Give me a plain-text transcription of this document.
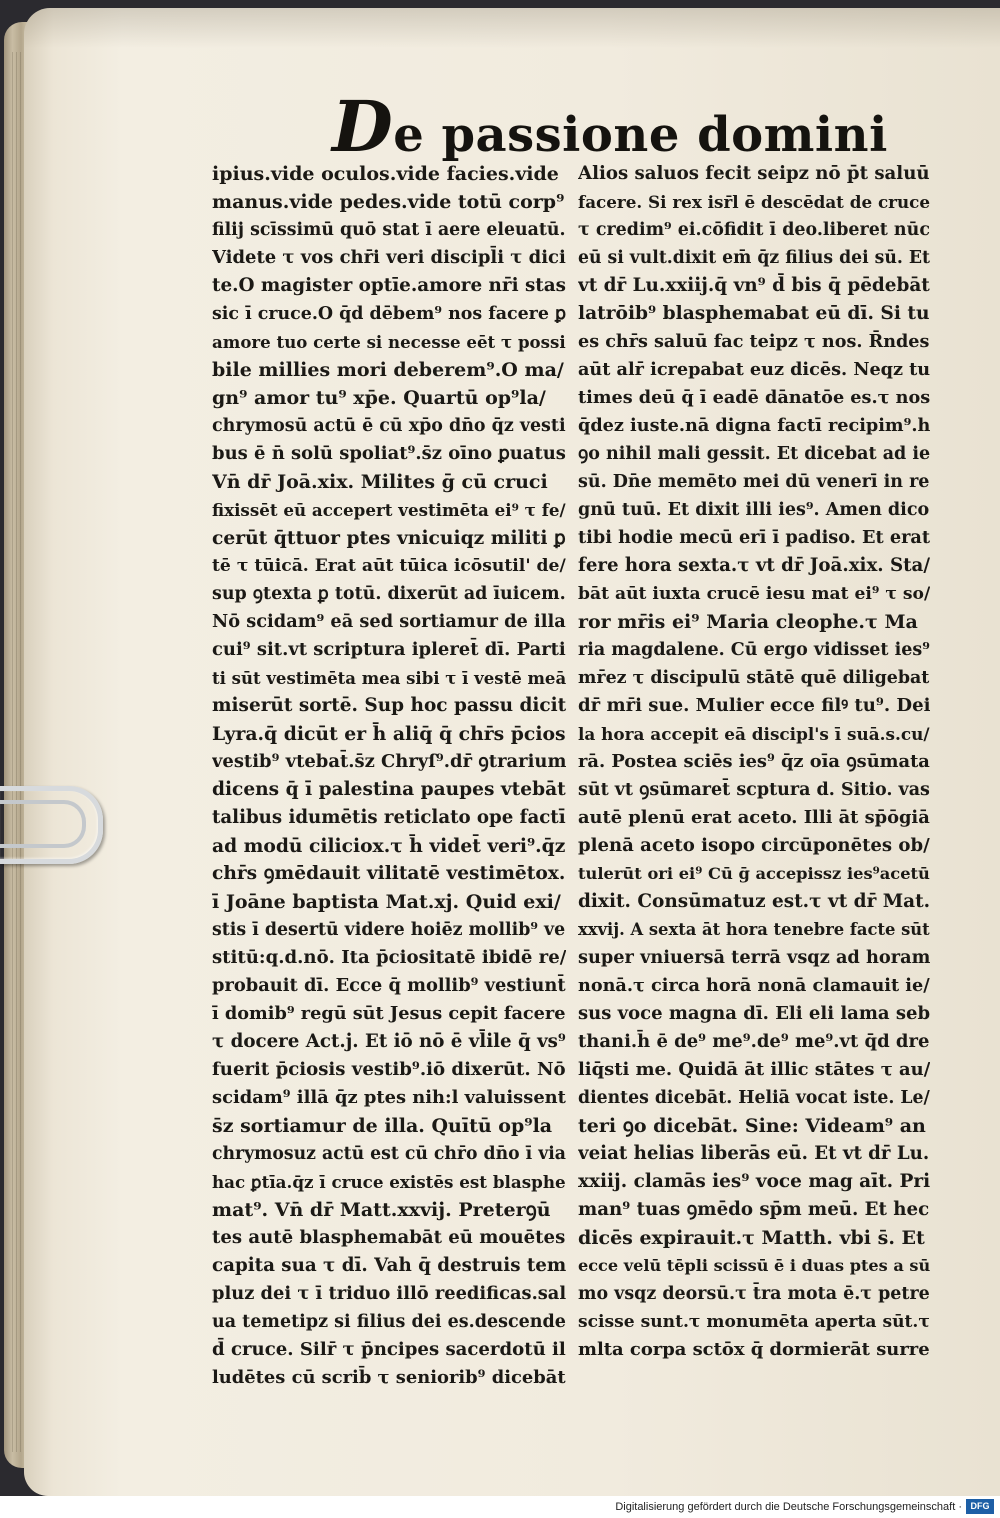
De passione domini
ipius.vide oculos.vide facies.vide
manus.vide pedes.vide totū corp⁹
filij scīssimū quō stat ī aere eleuatū.
Videte τ vos chr̄i veri discipl̄i τ dici
te.O magister optīe.amore nr̄i stas
sic ī cruce.O q̄d dēbem⁹ nos facere ꝑ
amore tuo certe si necesse eēt τ possi
bile millies mori deberem⁹.O ma/
gn⁹ amor tu⁹ xp̄e. Quartū op⁹la/
chrymosū actū ē cū xp̄o dn̄o q̄z vesti
bus ē n̄ solū spoliat⁹.s̄z oīno ꝑuatus
Vn̄ dr̄ Joā.xix. Milites ḡ cū cruci
fixissēt eū accepert vestimēta ei⁹ τ fe/
cerūt q̄ttuor ptes vnicuiqz militi ꝑ
tē τ tūicā. Erat aūt tūica icōsutil' de/
sup ꝯtexta ꝑ totū. dixerūt ad īuicem.
Nō scidam⁹ eā sed sortiamur de illa
cui⁹ sit.vt scriptura ipleret̄ dī. Parti
ti sūt vestimēta mea sibi τ ī vestē meā
miserūt sortē. Sup hoc passu dicit
Lyra.q̄ dicūt er h̄ aliq̄ q̄ chr̄s p̄cios
vestib⁹ vtebat̄.s̄z Chryſ⁹.dr̄ ꝯtrarium
dicens q̄ ī palestina paupes vtebāt
talibus idumētis reticlato ope factī
ad modū ciliciox.τ h̄ videt̄ veri⁹.q̄z
chr̄s ꝯmēdauit vilitatē vestimētox.
ī Joāne baptista Mat.xj. Quid exi/
stis ī desertū videre hoiēz mollib⁹ ve
stitū:q.d.nō. Ita p̄ciositatē ibidē re/
probauit dī. Ecce q̄ mollib⁹ vestiunt̄
ī domib⁹ regū sūt Jesus cepit facere
τ docere Act.j. Et iō nō ē vl̄ile q̄ vs⁹
fuerit p̄ciosis vestib⁹.iō dixerūt. Nō
scidam⁹ illā q̄z ptes nih:l valuissent
s̄z sortiamur de illa. Quītū op⁹la
chrymosuz actū est cū chr̄o dn̄o ī via
hac ꝑtīa.q̄z ī cruce existēs est blasphe
mat⁹. Vn̄ dr̄ Matt.xxvij. Preterꝯū
tes autē blasphemabāt eū mouētes
capita sua τ dī. Vah q̄ destruis tem
pluz dei τ ī triduo illō reedificas.sal
ua temetipz si filius dei es.descende
d̄ cruce. Silr̄ τ p̄ncipes sacerdotū il
ludētes cū scrib̄ τ seniorib⁹ dicebāt
Alios saluos fecit seipz nō p̄t saluū
facere. Si rex isr̄l ē descēdat de cruce
τ credim⁹ ei.cōfidit ī deo.liberet nūc
eū si vult.dixit em̄ q̄z filius dei sū. Et
vt dr̄ Lu.xxiij.q̄ vn⁹ d̄ bis q̄ pēdebāt
latrōib⁹ blasphemabat eū dī. Si tu
es chr̄s saluū fac teipz τ nos. R̄ndes
aūt alr̄ icrepabat euz dicēs. Neqz tu
times deū q̄ ī eadē dānatōe es.τ nos
q̄dez iuste.nā digna factī recipim⁹.h
ꝯo nihil mali gessit. Et dicebat ad ie
sū. Dn̄e memēto mei dū venerī in re
gnū tuū. Et dixit illi ies⁹. Amen dico
tibi hodie mecū erī ī padiso. Et erat
fere hora sexta.τ vt dr̄ Joā.xix. Sta/
bāt aūt iuxta crucē iesu mat ei⁹ τ so/
ror mr̄is ei⁹ Maria cleophe.τ Ma
ria magdalene. Cū ergo vidisset ies⁹
mr̄ez τ discipulū stātē quē diligebat
dr̄ mr̄i sue. Mulier ecce filꝰ tu⁹. Dei
la hora accepit eā discipl's ī suā.s.cu/
rā. Postea sciēs ies⁹ q̄z oīa ꝯsūmata
sūt vt ꝯsūmaret̄ scptura d. Sitio. vas
autē plenū erat aceto. Illi āt sp̄ōgiā
plenā aceto isopo circūponētes ob/
tulerūt ori ei⁹ Cū ḡ accepissz ies⁹acetū
dixit. Consūmatuz est.τ vt dr̄ Mat.
xxvij. A sexta āt hora tenebre facte sūt
super vniuersā terrā vsqz ad horam
nonā.τ circa horā nonā clamauit ie/
sus voce magna dī. Eli eli lama seb
thani.h̄ ē de⁹ me⁹.de⁹ me⁹.vt q̄d dre
liq̄sti me. Quidā āt illic stātes τ au/
dientes dicebāt. Heliā vocat iste. Le/
teri ꝯo dicebāt. Sine: Videam⁹ an
veiat helias liberās eū. Et vt dr̄ Lu.
xxiij. clamās ies⁹ voce mag aīt. Pri
man⁹ tuas ꝯmēdo sp̄m meū. Et hec
dicēs expirauit.τ Matth. vbi s̄. Et
ecce velū tēpli scissū ē i duas ptes a sū
mo vsqz deorsū.τ t̄ra mota ē.τ petre
scisse sunt.τ monumēta aperta sūt.τ
mlta corpa sctōx q̄ dormierāt surre
Digitalisierung gefördert durch die Deutsche Forschungsgemeinschaft · DFG
